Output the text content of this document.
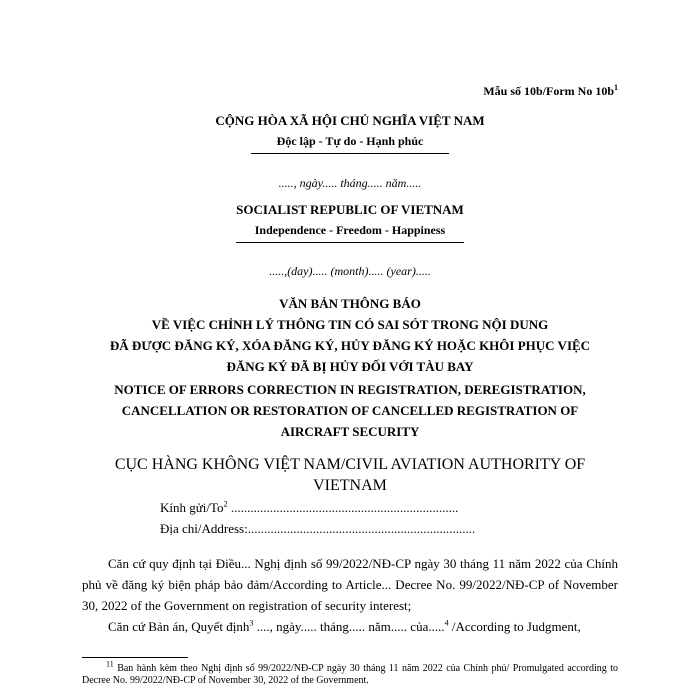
Mẫu số 10b/Form No $10b^1$
CỘNG HÒA XÃ HỘI CHỦ NGHĨA VIỆT NAM
Độc lập - Tự do - Hạnh phúc
....., ngày..... tháng..... năm.....
SOCIALIST REPUBLIC OF VIETNAM
Independence - Freedom - Happiness
.....,(day)..... (month)..... (year).....
VĂN BẢN THÔNG BÁO
VỀ VIỆC CHỈNH LÝ THÔNG TIN CÓ SAI SÓT TRONG NỘI DUNG
ĐÃ ĐƯỢC ĐĂNG KÝ, XÓA ĐĂNG KÝ, HỦY ĐĂNG KÝ HOẶC KHÔI PHỤC VIỆC
ĐĂNG KÝ ĐÃ BỊ HỦY ĐỐI VỚI TÀU BAY
NOTICE OF ERRORS CORRECTION IN REGISTRATION, DEREGISTRATION,
CANCELLATION OR RESTORATION OF CANCELLED REGISTRATION OF
AIRCRAFT SECURITY
CỤC HÀNG KHÔNG VIỆT NAM/CIVIL AVIATION AUTHORITY OF
VIETNAM
Kính gửi/To$^2$ ......................................................................
Địa chỉ/Address:......................................................................
Căn cứ quy định tại Điều... Nghị định số 99/2022/NĐ-CP ngày 30 tháng 11 năm 2022 của Chính phủ về đăng ký biện pháp bảo đảm/According to Article... Decree No. 99/2022/NĐ-CP of November 30, 2022 of the Government on registration of security interest;
Căn cứ Bản án, Quyết định$^3$ ...., ngày..... tháng..... năm..... của.....$^4$ /According to Judgment,
$^{11}$ Ban hành kèm theo Nghị định số 99/2022/NĐ-CP ngày 30 tháng 11 năm 2022 của Chính phủ/ Promulgated according to Decree No. 99/2022/NĐ-CP of November 30, 2022 of the Government.
